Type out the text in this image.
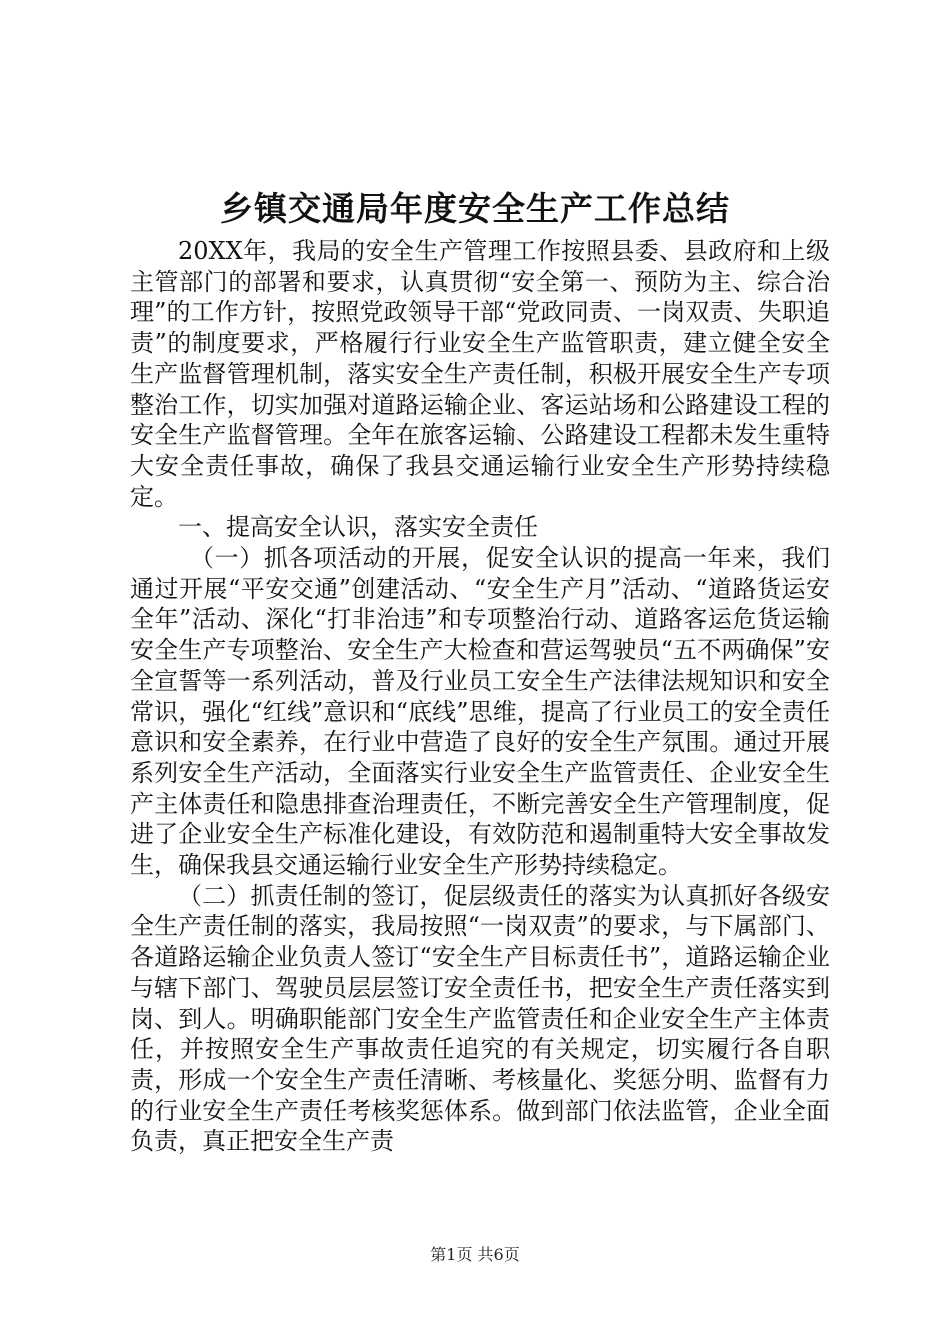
乡镇交通局年度安全生产工作总结

20XX年，我局的安全生产管理工作按照县委、县政府和上级主管部门的部署和要求，认真贯彻“安全第一、预防为主、综合治理”的工作方针，按照党政领导干部“党政同责、一岗双责、失职追责”的制度要求，严格履行行业安全生产监管职责，建立健全安全生产监督管理机制，落实安全生产责任制，积极开展安全生产专项整治工作，切实加强对道路运输企业、客运站场和公路建设工程的安全生产监督管理。全年在旅客运输、公路建设工程都未发生重特大安全责任事故，确保了我县交通运输行业安全生产形势持续稳定。

一、提高安全认识，落实安全责任

（一）抓各项活动的开展，促安全认识的提高一年来，我们通过开展“平安交通”创建活动、“安全生产月”活动、“道路货运安全年”活动、深化“打非治违”和专项整治行动、道路客运危货运输安全生产专项整治、安全生产大检查和营运驾驶员“五不两确保”安全宣誓等一系列活动，普及行业员工安全生产法律法规知识和安全常识，强化“红线”意识和“底线”思维，提高了行业员工的安全责任意识和安全素养，在行业中营造了良好的安全生产氛围。通过开展系列安全生产活动，全面落实行业安全生产监管责任、企业安全生产主体责任和隐患排查治理责任，不断完善安全生产管理制度，促进了企业安全生产标准化建设，有效防范和遏制重特大安全事故发生，确保我县交通运输行业安全生产形势持续稳定。

（二）抓责任制的签订，促层级责任的落实为认真抓好各级安全生产责任制的落实，我局按照“一岗双责”的要求，与下属部门、各道路运输企业负责人签订“安全生产目标责任书”，道路运输企业与辖下部门、驾驶员层层签订安全责任书，把安全生产责任落实到岗、到人。明确职能部门安全生产监管责任和企业安全生产主体责任，并按照安全生产事故责任追究的有关规定，切实履行各自职责，形成一个安全生产责任清晰、考核量化、奖惩分明、监督有力的行业安全生产责任考核奖惩体系。做到部门依法监管，企业全面负责，真正把安全生产责

第1页 共6页
